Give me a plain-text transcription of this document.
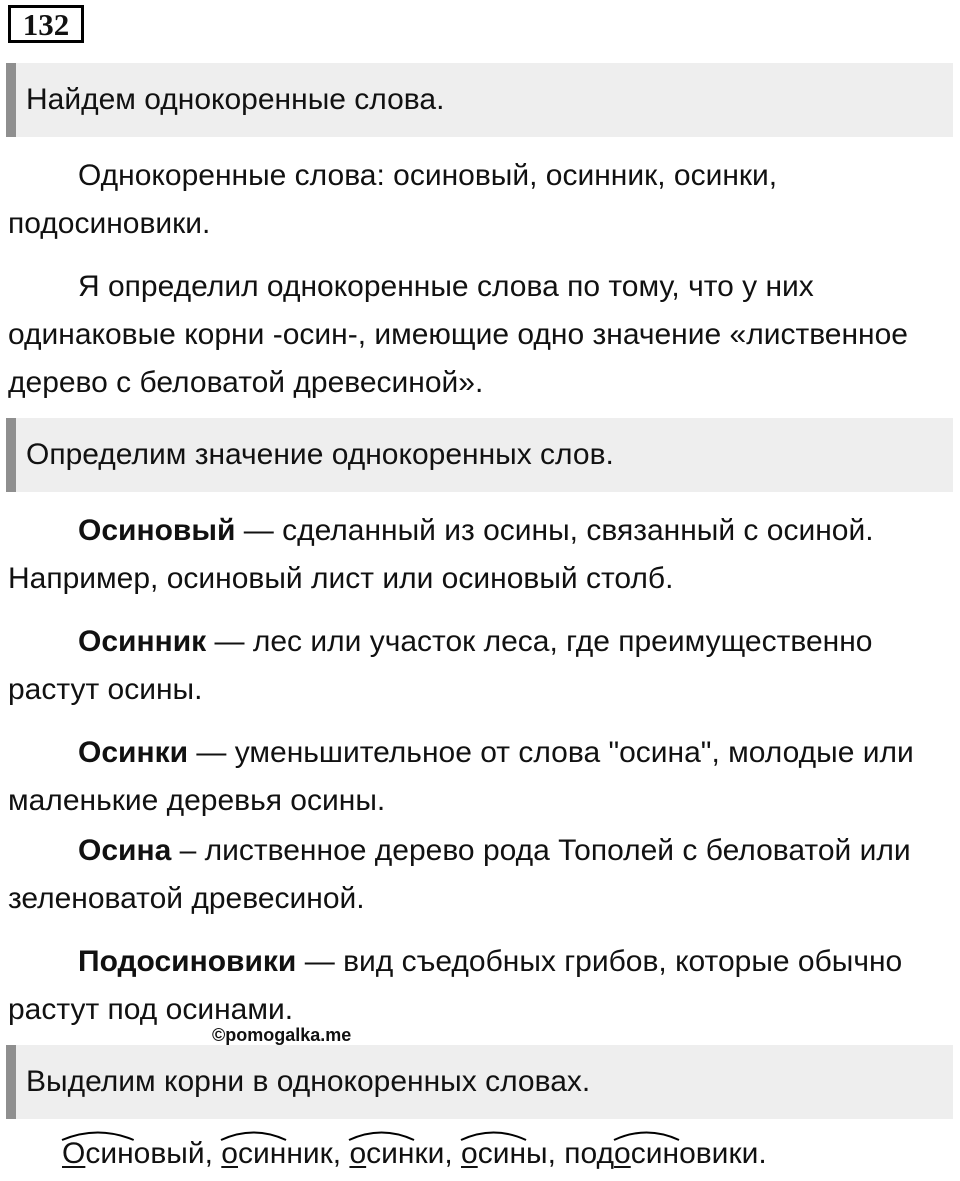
132
Найдем однокоренные слова.

Однокоренные слова: осиновый, осинник, осинки, подосиновики.

Я определил однокоренные слова по тому, что у них одинаковые корни -осин-, имеющие одно значение «лиственное дерево с беловатой древесиной».

Определим значение однокоренных слов.

Осиновый — сделанный из осины, связанный с осиной. Например, осиновый лист или осиновый столб.

Осинник — лес или участок леса, где преимущественно растут осины.

Осинки — уменьшительное от слова "осина", молодые или маленькие деревья осины.

Осина – лиственное дерево рода Тополей с беловатой или зеленоватой древесиной.

Подосиновики — вид съедобных грибов, которые обычно растут под осинами.

©pomogalka.me
Выделим корни в однокоренных словах.
Осиновый,
осинник,
осинки,
осины, под
осиновики.
